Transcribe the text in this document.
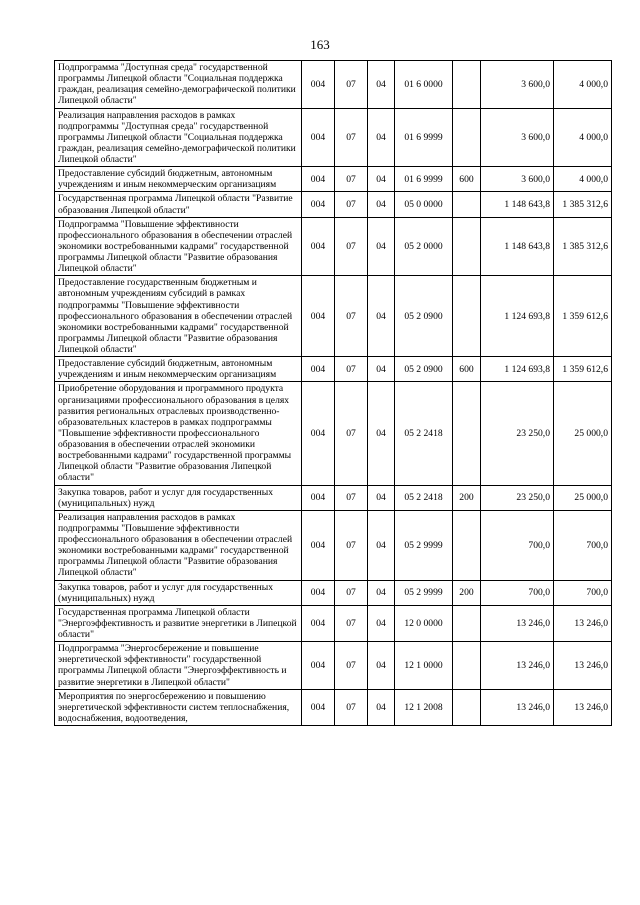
163
Подпрограмма "Доступная среда" государственной программы Липецкой области "Социальная поддержка граждан, реализация семейно-демографической политики Липецкой области"	004	07	04	01 6 0000		3 600,0	4 000,0
Реализация направления расходов в рамках подпрограммы "Доступная среда" государственной программы Липецкой области "Социальная поддержка граждан, реализация семейно-демографической политики Липецкой области"	004	07	04	01 6 9999		3 600,0	4 000,0
Предоставление субсидий бюджетным, автономным учреждениям и иным некоммерческим организациям	004	07	04	01 6 9999	600	3 600,0	4 000,0
Государственная программа Липецкой области "Развитие образования Липецкой области"	004	07	04	05 0 0000		1 148 643,8	1 385 312,6
Подпрограмма "Повышение эффективности профессионального образования в обеспечении отраслей экономики востребованными кадрами" государственной программы Липецкой области "Развитие образования Липецкой области"	004	07	04	05 2 0000		1 148 643,8	1 385 312,6
Предоставление государственным бюджетным и автономным учреждениям субсидий в рамках подпрограммы "Повышение эффективности профессионального образования в обеспечении отраслей экономики востребованными кадрами" государственной программы Липецкой области "Развитие образования Липецкой области"	004	07	04	05 2 0900		1 124 693,8	1 359 612,6
Предоставление субсидий бюджетным, автономным учреждениям и иным некоммерческим организациям	004	07	04	05 2 0900	600	1 124 693,8	1 359 612,6
Приобретение оборудования и программного продукта организациями профессионального образования в целях развития региональных отраслевых производственно-образовательных кластеров в рамках подпрограммы "Повышение эффективности профессионального образования в обеспечении отраслей экономики востребованными кадрами" государственной программы Липецкой области "Развитие образования Липецкой области"	004	07	04	05 2 2418		23 250,0	25 000,0
Закупка товаров, работ и услуг для государственных (муниципальных) нужд	004	07	04	05 2 2418	200	23 250,0	25 000,0
Реализация направления расходов в рамках подпрограммы "Повышение эффективности профессионального образования в обеспечении отраслей экономики востребованными кадрами" государственной программы Липецкой области "Развитие образования Липецкой области"	004	07	04	05 2 9999		700,0	700,0
Закупка товаров, работ и услуг для государственных (муниципальных) нужд	004	07	04	05 2 9999	200	700,0	700,0
Государственная программа Липецкой области "Энергоэффективность и развитие энергетики в Липецкой области"	004	07	04	12 0 0000		13 246,0	13 246,0
Подпрограмма "Энергосбережение и повышение энергетической эффективности" государственной программы Липецкой области "Энергоэффективность и развитие энергетики в Липецкой области"	004	07	04	12 1 0000		13 246,0	13 246,0
Мероприятия по энергосбережению и повышению энергетической эффективности систем теплоснабжения, водоснабжения, водоотведения,	004	07	04	12 1 2008		13 246,0	13 246,0
